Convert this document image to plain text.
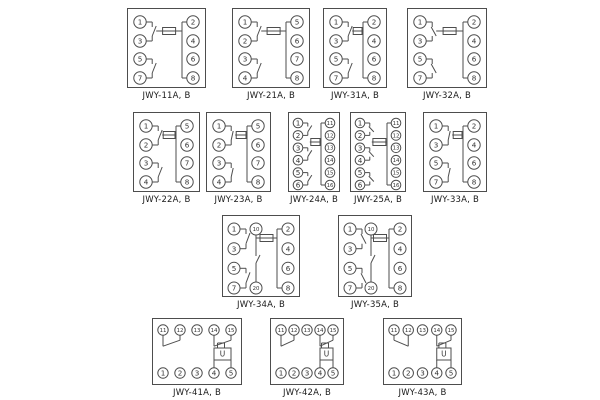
1
3
5
7
2
4
6
8
JWY-11A, B
1
2
3
4
5
6
7
8
JWY-21A, B
1
3
5
7
2
4
6
8
JWY-31A, B
1
3
5
7
2
4
6
8
JWY-32A, B
1
2
3
4
5
6
7
8
JWY-22A, B
1
2
3
4
5
6
7
8
JWY-23A, B
1
2
3
4
5
6
11
12
13
14
15
16
JWY-24A, B
1
2
3
4
5
6
11
12
13
14
15
16
JWY-25A, B
1
3
5
7
2
4
6
8
JWY-33A, B
1
3
5
7
2
4
6
8
10
20
JWY-34A, B
1
3
5
7
2
4
6
8
10
20
JWY-35A, B
U
11 12 13 14 15
1 2 3 4 5
JWY-41A, B
U
11 12 13 14 15
1 2 3 4 5
JWY-42A, B
U
11 12 13 14 15
1 2 3 4 5
JWY-43A, B
